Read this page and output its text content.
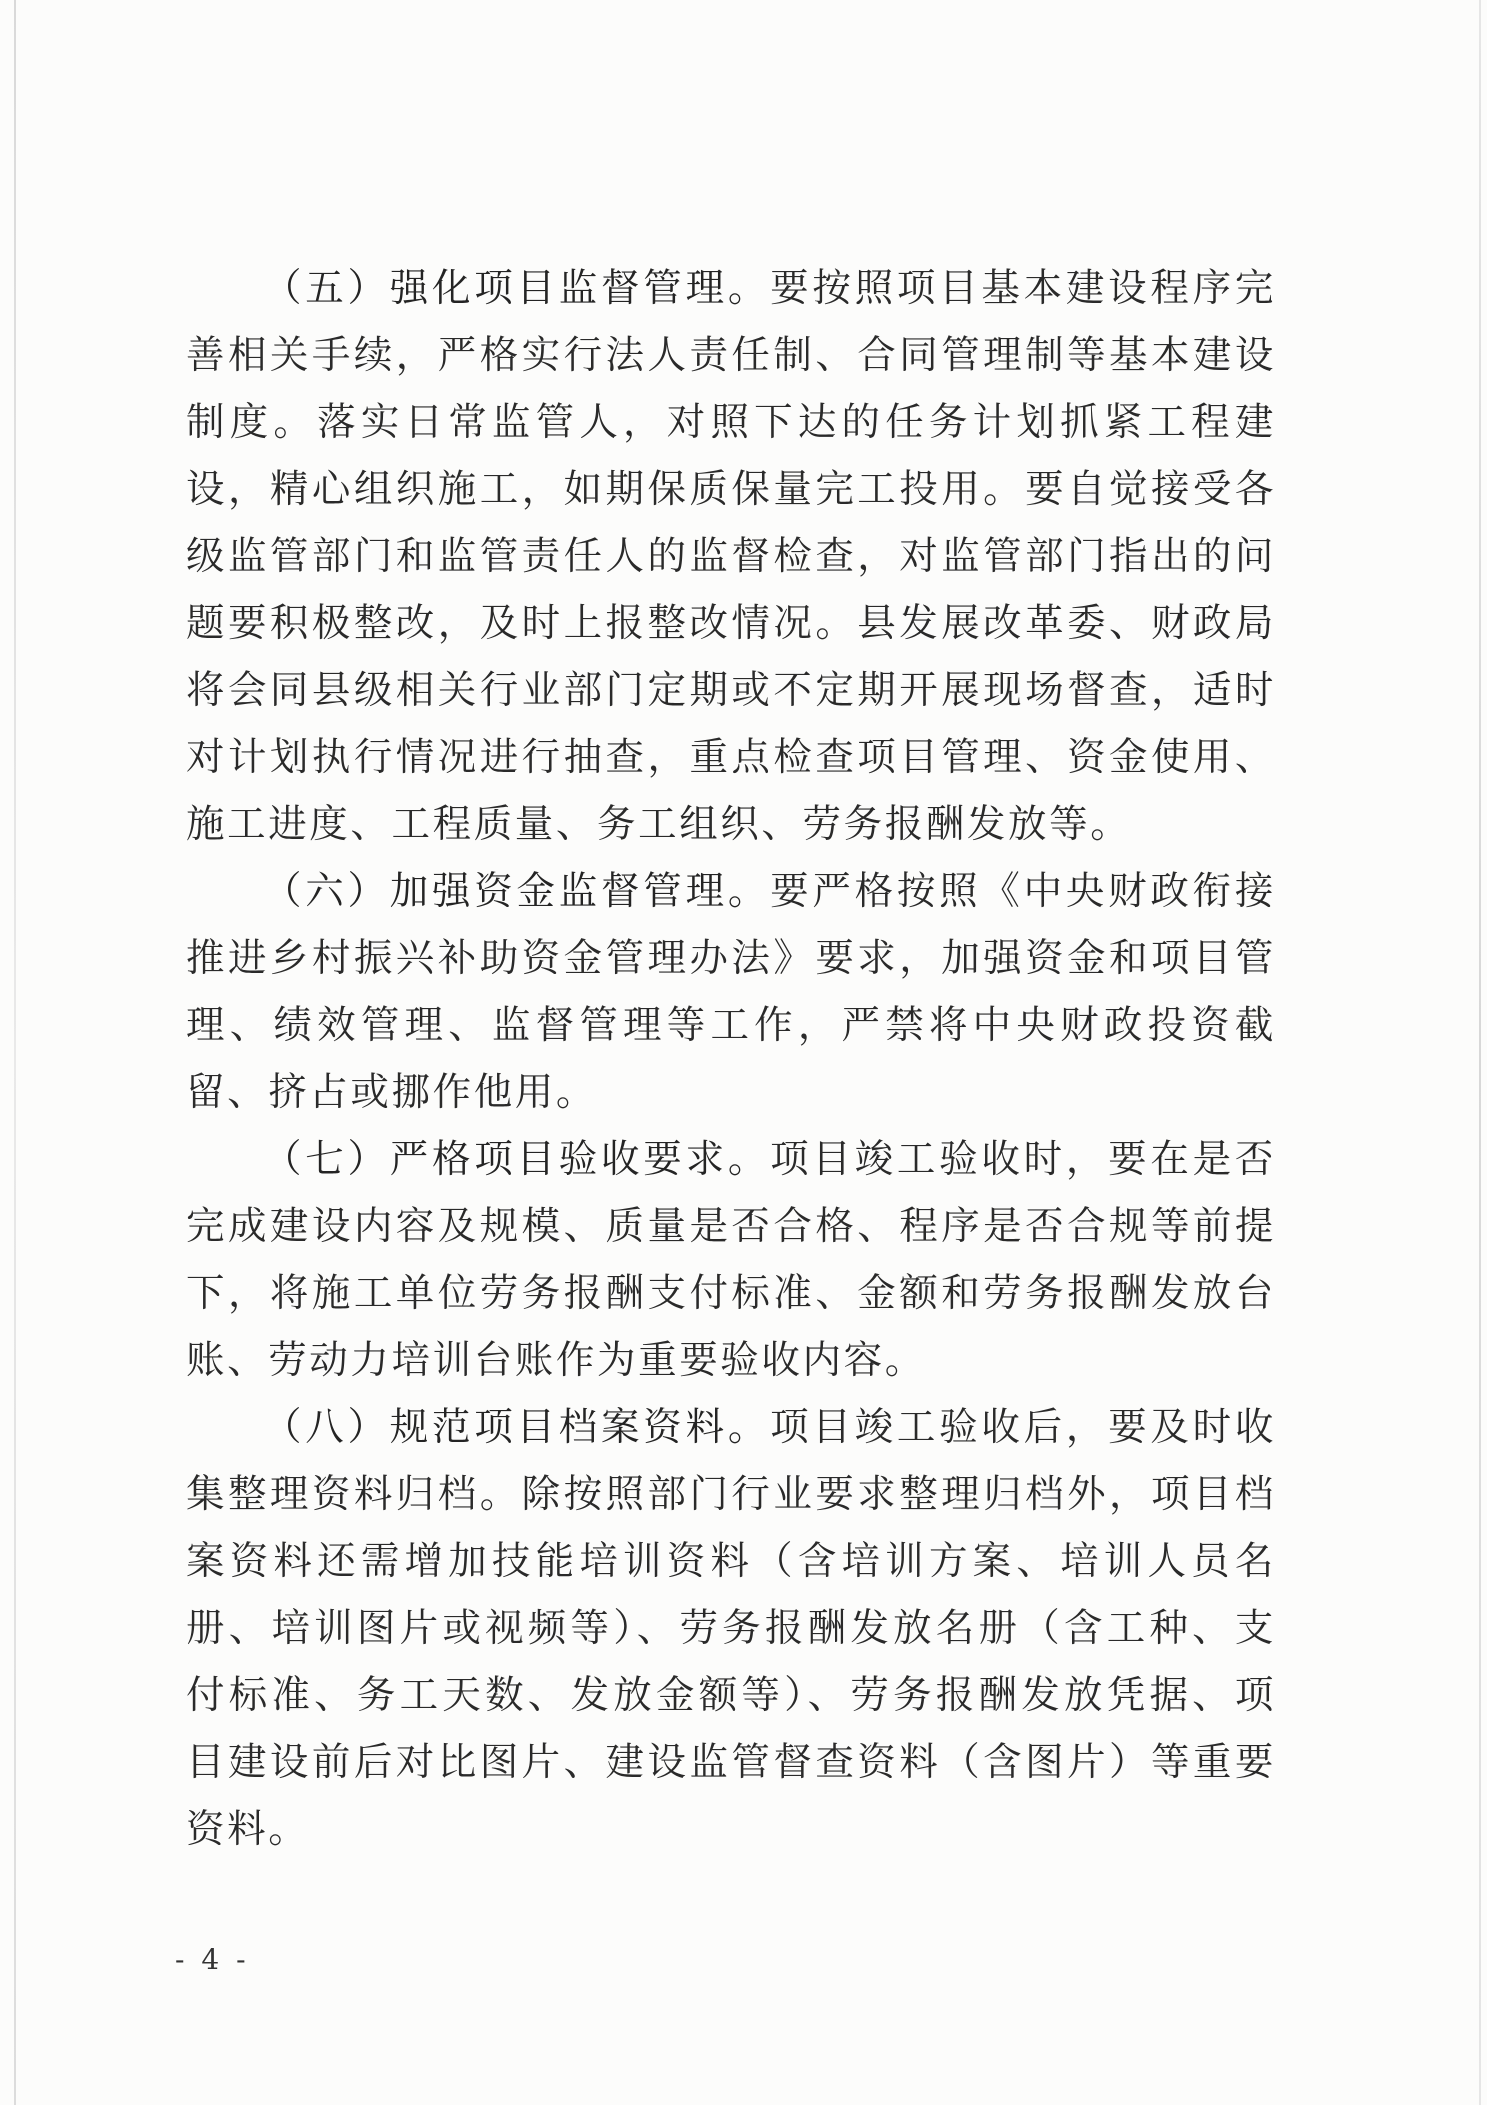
（五）强化项目监督管理。要按照项目基本建设程序完善相关手续，严格实行法人责任制、合同管理制等基本建设制度。落实日常监管人，对照下达的任务计划抓紧工程建设，精心组织施工，如期保质保量完工投用。要自觉接受各级监管部门和监管责任人的监督检查，对监管部门指出的问题要积极整改，及时上报整改情况。县发展改革委、财政局将会同县级相关行业部门定期或不定期开展现场督查，适时对计划执行情况进行抽查，重点检查项目管理、资金使用、施工进度、工程质量、务工组织、劳务报酬发放等。

（六）加强资金监督管理。要严格按照《中央财政衔接推进乡村振兴补助资金管理办法》要求，加强资金和项目管理、绩效管理、监督管理等工作，严禁将中央财政投资截留、挤占或挪作他用。

（七）严格项目验收要求。项目竣工验收时，要在是否完成建设内容及规模、质量是否合格、程序是否合规等前提下，将施工单位劳务报酬支付标准、金额和劳务报酬发放台账、劳动力培训台账作为重要验收内容。

（八）规范项目档案资料。项目竣工验收后，要及时收集整理资料归档。除按照部门行业要求整理归档外，项目档案资料还需增加技能培训资料（含培训方案、培训人员名册、培训图片或视频等）、劳务报酬发放名册（含工种、支付标准、务工天数、发放金额等）、劳务报酬发放凭据、项目建设前后对比图片、建设监管督查资料（含图片）等重要资料。

- 4 -
